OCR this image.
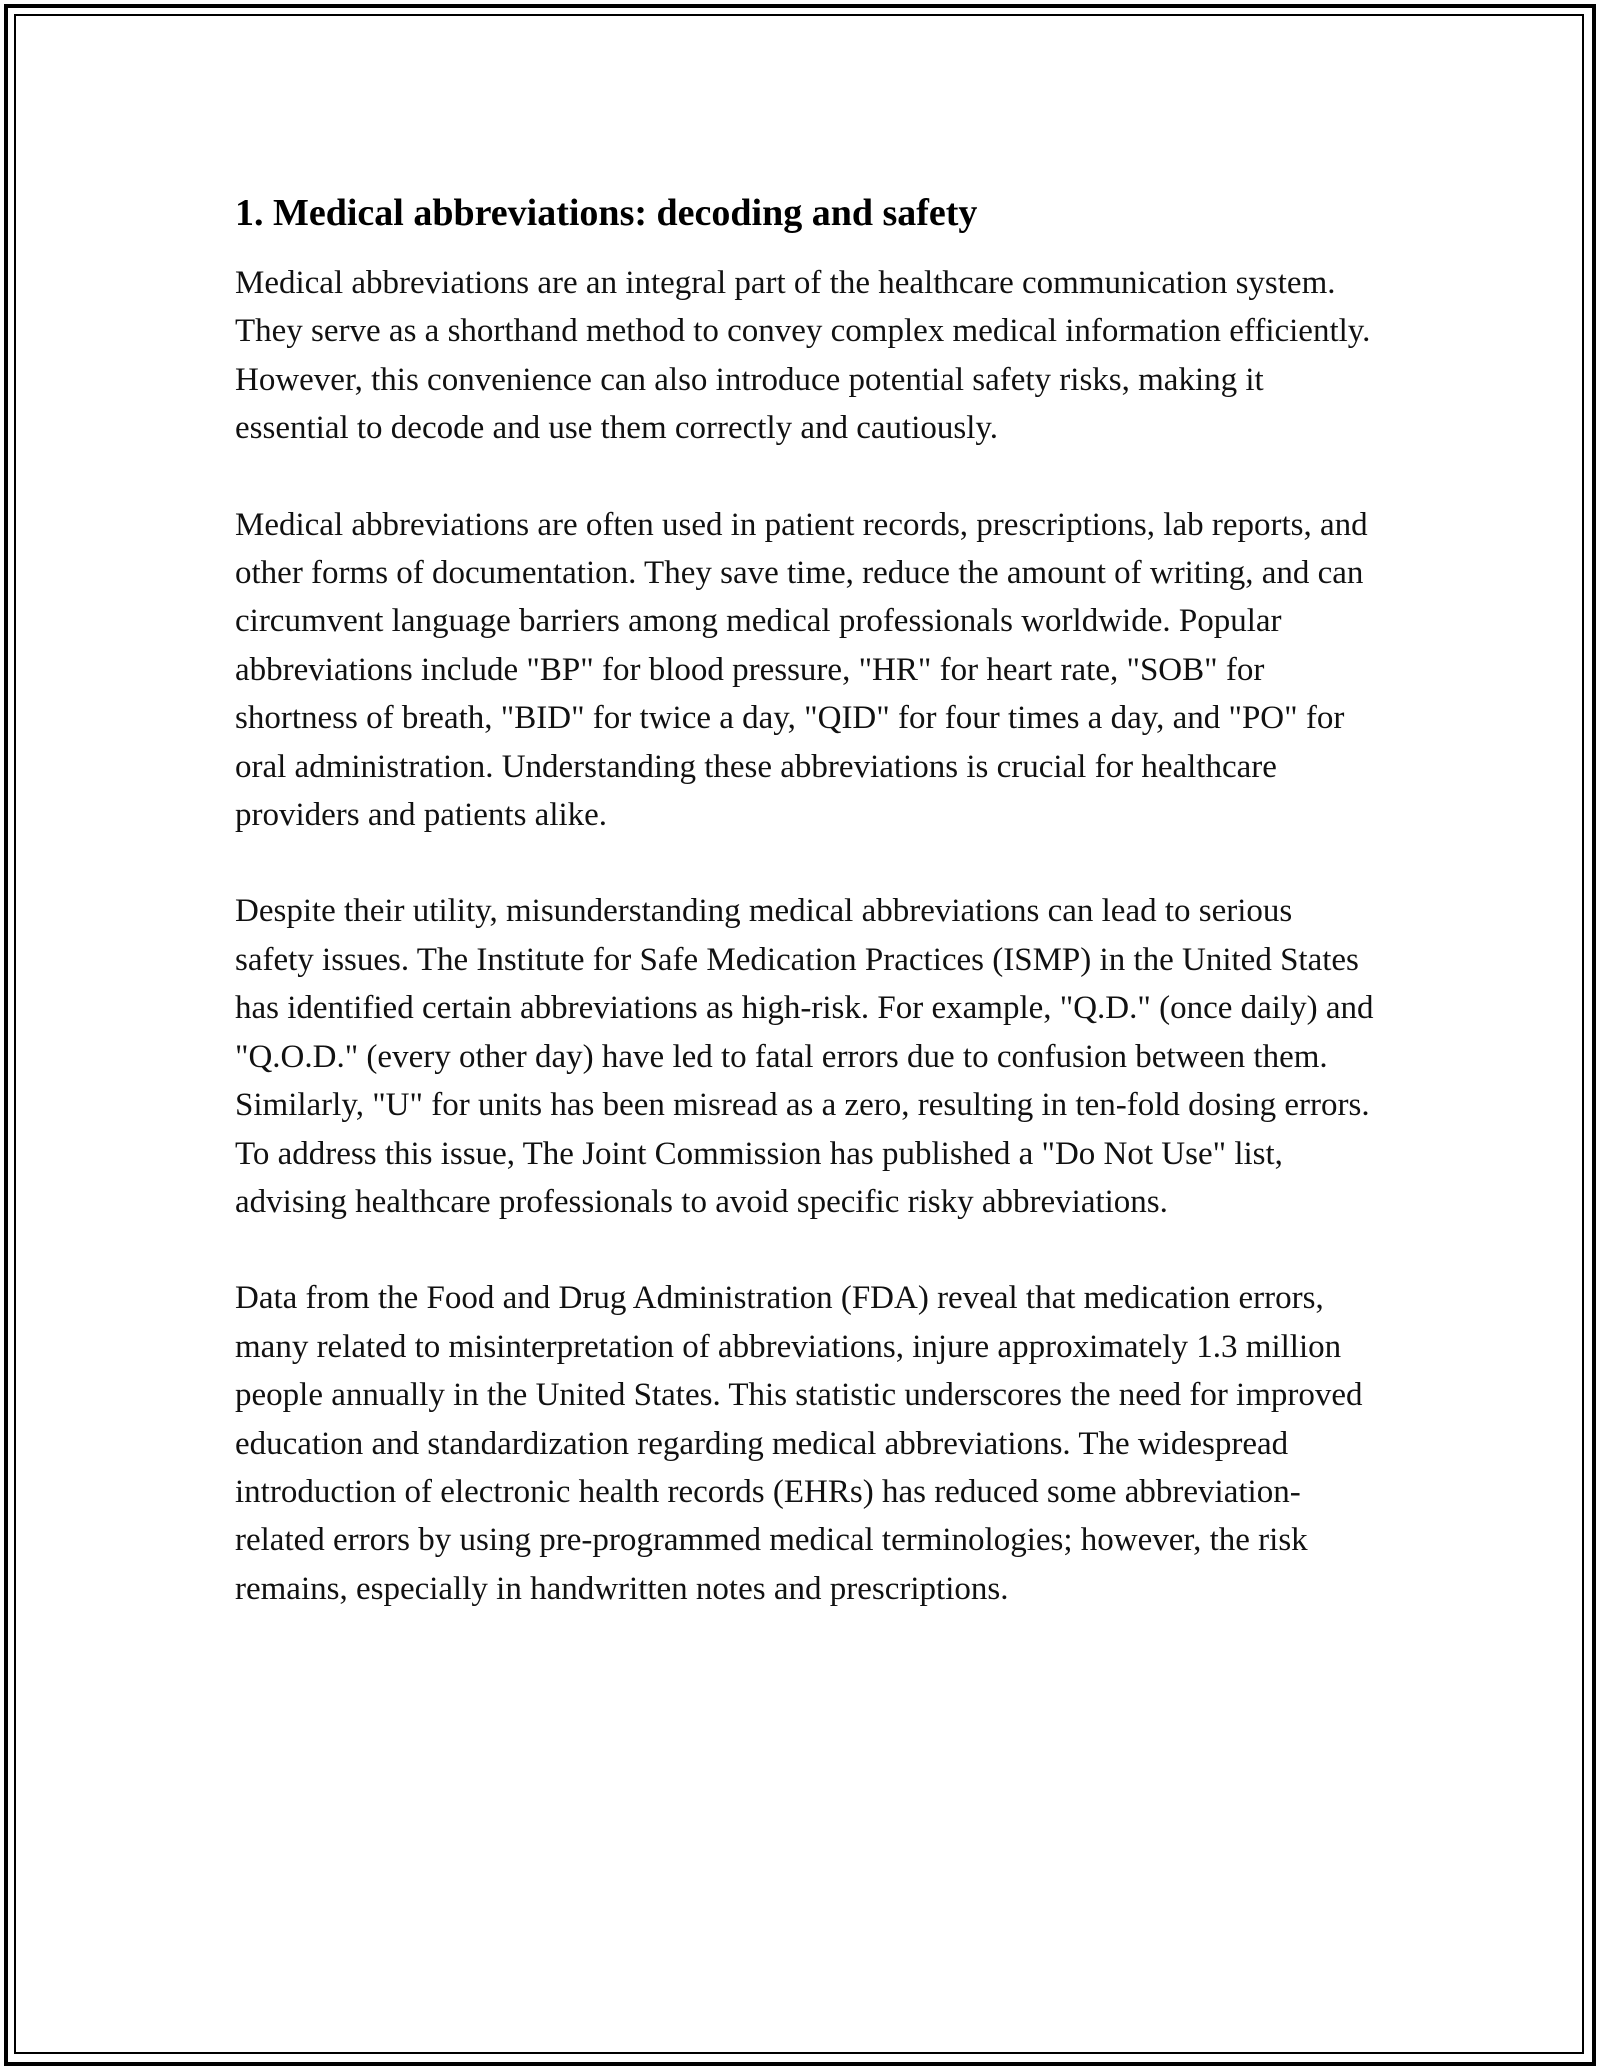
1. Medical abbreviations: decoding and safety

Medical abbreviations are an integral part of the healthcare communication system. They serve as a shorthand method to convey complex medical information efficiently. However, this convenience can also introduce potential safety risks, making it essential to decode and use them correctly and cautiously.

Medical abbreviations are often used in patient records, prescriptions, lab reports, and other forms of documentation. They save time, reduce the amount of writing, and can circumvent language barriers among medical professionals worldwide. Popular abbreviations include "BP" for blood pressure, "HR" for heart rate, "SOB" for shortness of breath, "BID" for twice a day, "QID" for four times a day, and "PO" for oral administration. Understanding these abbreviations is crucial for healthcare providers and patients alike.

Despite their utility, misunderstanding medical abbreviations can lead to serious safety issues. The Institute for Safe Medication Practices (ISMP) in the United States has identified certain abbreviations as high-risk. For example, "Q.D." (once daily) and "Q.O.D." (every other day) have led to fatal errors due to confusion between them. Similarly, "U" for units has been misread as a zero, resulting in ten-fold dosing errors. To address this issue, The Joint Commission has published a "Do Not Use" list, advising healthcare professionals to avoid specific risky abbreviations.

Data from the Food and Drug Administration (FDA) reveal that medication errors, many related to misinterpretation of abbreviations, injure approximately 1.3 million people annually in the United States. This statistic underscores the need for improved education and standardization regarding medical abbreviations. The widespread introduction of electronic health records (EHRs) has reduced some abbreviation-related errors by using pre-programmed medical terminologies; however, the risk remains, especially in handwritten notes and prescriptions.
